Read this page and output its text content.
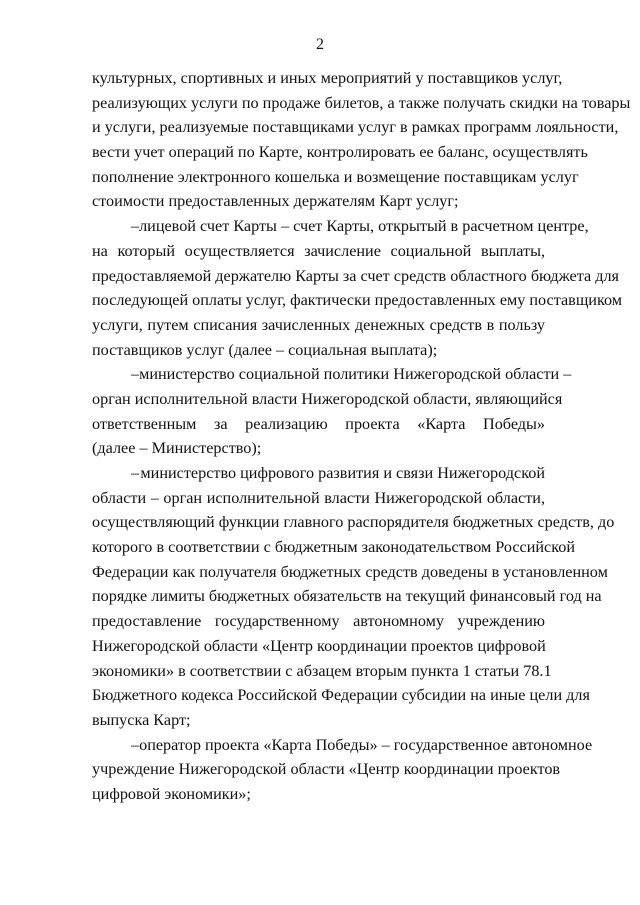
2
культурных, спортивных и иных мероприятий у поставщиков услуг,
реализующих услуги по продаже билетов, а также получать скидки на товары
и услуги, реализуемые поставщиками услуг в рамках программ лояльности,
вести учет операций по Карте, контролировать ее баланс, осуществлять
пополнение электронного кошелька и возмещение поставщикам услуг
стоимости предоставленных держателям Карт услуг;
– лицевой счет Карты – счет Карты, открытый в расчетном центре,
на который осуществляется зачисление социальной выплаты,
предоставляемой держателю Карты за счет средств областного бюджета для
последующей оплаты услуг, фактически предоставленных ему поставщиком
услуги, путем списания зачисленных денежных средств в пользу
поставщиков услуг (далее – социальная выплата);
– министерство социальной политики Нижегородской области –
орган исполнительной власти Нижегородской области, являющийся
ответственным за реализацию проекта «Карта Победы»
(далее – Министерство);
– министерство цифрового развития и связи Нижегородской
области – орган исполнительной власти Нижегородской области,
осуществляющий функции главного распорядителя бюджетных средств, до
которого в соответствии с бюджетным законодательством Российской
Федерации как получателя бюджетных средств доведены в установленном
порядке лимиты бюджетных обязательств на текущий финансовый год на
предоставление государственному автономному учреждению
Нижегородской области «Центр координации проектов цифровой
экономики» в соответствии с абзацем вторым пункта 1 статьи 78.1
Бюджетного кодекса Российской Федерации субсидии на иные цели для
выпуска Карт;
– оператор проекта «Карта Победы» – государственное автономное
учреждение Нижегородской области «Центр координации проектов
цифровой экономики»;
